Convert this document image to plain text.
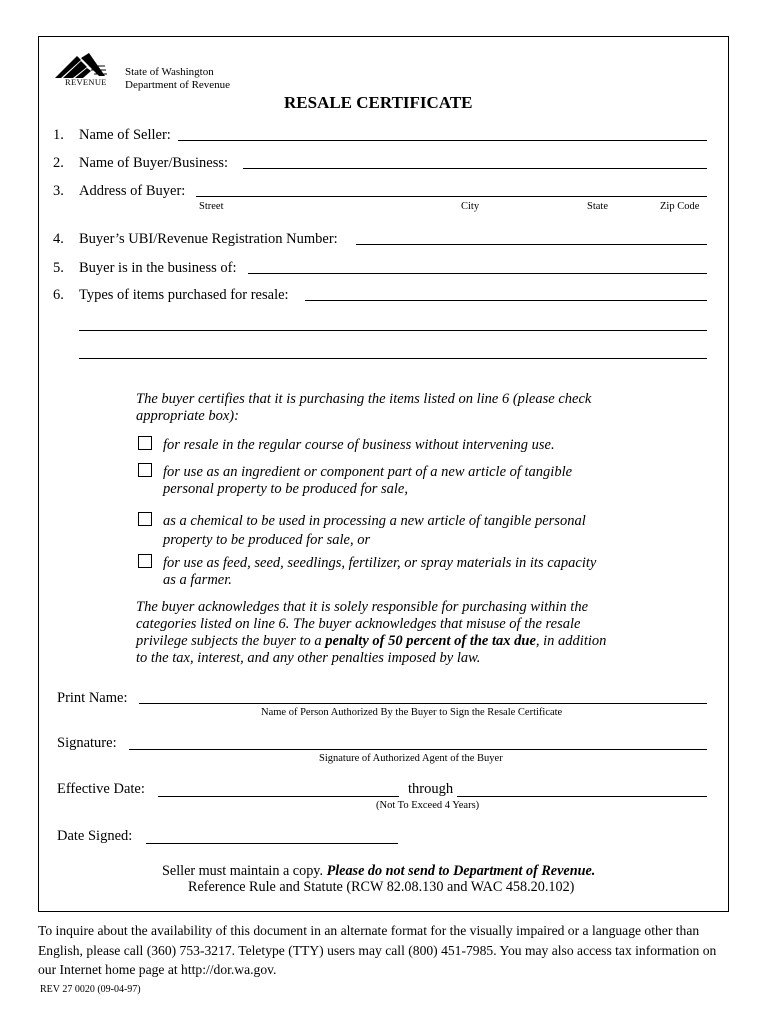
REVENUE
State of Washington
Department of Revenue
RESALE CERTIFICATE
1. Name of Seller:
2. Name of Buyer/Business:
3. Address of Buyer:
Street	City	State	Zip Code
4. Buyer’s UBI/Revenue Registration Number:
5. Buyer is in the business of:
6. Types of items purchased for resale:
The buyer certifies that it is purchasing the items listed on line 6 (please check
appropriate box):
for resale in the regular course of business without intervening use.
for use as an ingredient or component part of a new article of tangible
personal property to be produced for sale,
as a chemical to be used in processing a new article of tangible personal
property to be produced for sale, or
for use as feed, seed, seedlings, fertilizer, or spray materials in its capacity
as a farmer.
The buyer acknowledges that it is solely responsible for purchasing within the
categories listed on line 6. The buyer acknowledges that misuse of the resale
privilege subjects the buyer to a penalty of 50 percent of the tax due, in addition
to the tax, interest, and any other penalties imposed by law.
Print Name:
Name of Person Authorized By the Buyer to Sign the Resale Certificate
Signature:
Signature of Authorized Agent of the Buyer
Effective Date:	through
(Not To Exceed 4 Years)
Date Signed:
Seller must maintain a copy. Please do not send to Department of Revenue.
Reference Rule and Statute (RCW 82.08.130 and WAC 458.20.102)
To inquire about the availability of this document in an alternate format for the visually impaired or a language other than English, please call (360) 753-3217. Teletype (TTY) users may call (800) 451-7985. You may also access tax information on our Internet home page at http://dor.wa.gov.
REV 27 0020 (09-04-97)
